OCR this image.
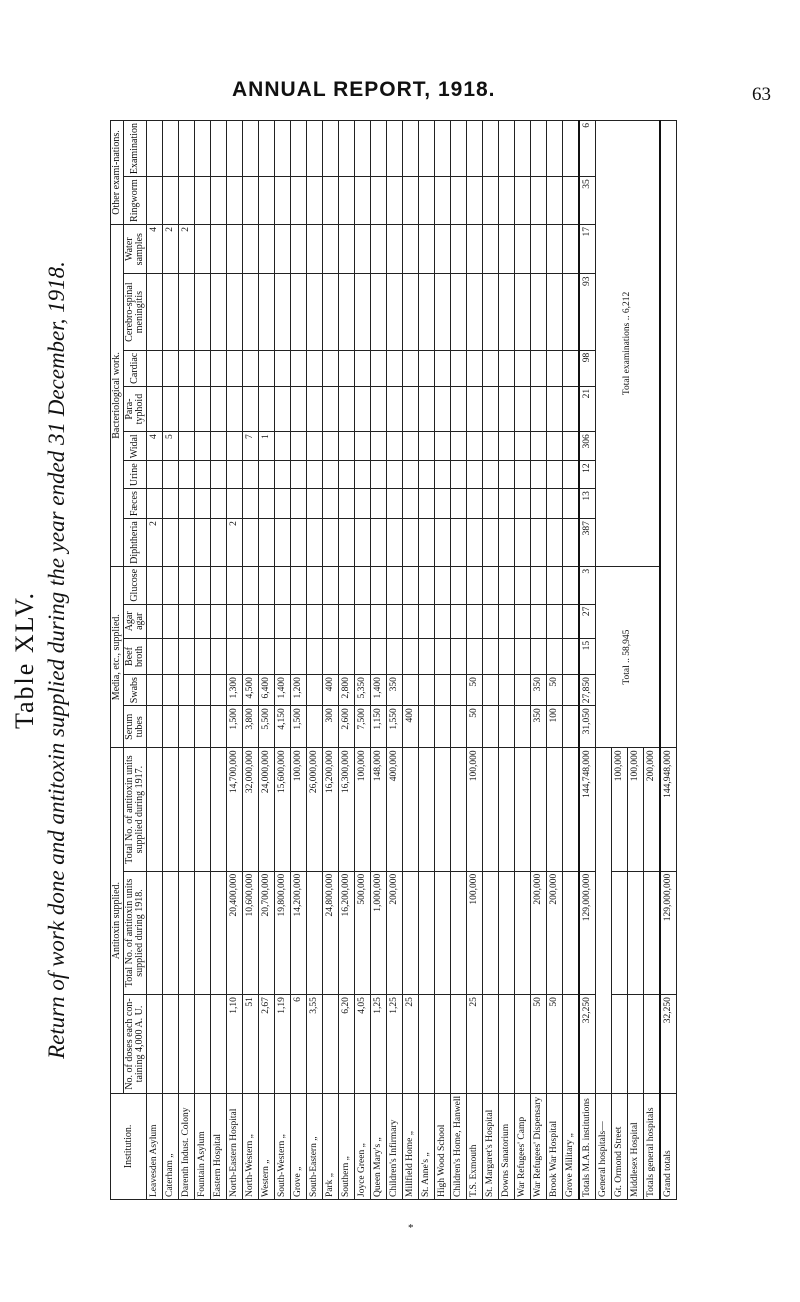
ANNUAL REPORT, 1918.	63
Table XLV. Return of work done and antitoxin supplied during the year ended 31 December, 1918.
Institution.	Antitoxin supplied.			Media, etc., supplied.					Bacteriological work.								Other exami-nations.	
	No. of doses each con-taining 4,000 A. U.	Total No. of antitoxin units supplied during 1918.	Total No. of antitoxin units supplied during 1917.	Serum tubes	Swabs	Beef broth	Agar agar	Glucose	Diphtheria	Fæces	Urine	Widal	Para-typhoid	Cardiac	Cerebro-spinal meningitis	Water samples	Ringworm	Examination
Leavesden Asylum									2			4				4		
Caterham „												5				2		
Darenth Indust. Colony																2		
Fountain Asylum																		
Eastern Hospital																		
North-Eastern Hospital	1,10	20,400,000	14,700,000	1,500	1,300				2									
North-Western „	51	10,600,000	32,000,000	3,800	4,500							7						
Western „	2,67	20,700,000	24,000,000	5,500	6,400							1						
South-Western „	1,19	19,800,000	15,600,000	4,150	1,400													
Grove „	6	14,200,000	100,000	1,500	1,200													
South-Eastern „	3,55		26,000,000															
Park „		24,800,000	16,200,000	300	400													
Southern „	6,20	16,200,000	16,300,000	2,600	2,800													
Joyce Green „	4,05	500,000	100,000	7,500	5,350													
Queen Mary's „	1,25	1,000,000	148,000	1,150	1,400													
Children's Infirmary	1,25	200,000	400,000	1,550	350													
Millfield Home „	25			400														
St. Anne's „																		
High Wood School																		
Children's Home, Hanwell																		
T.S. Exmouth	25	100,000	100,000	50	50													
St. Margaret's Hospital																		
Downs Sanatorium																		
War Refugees' Camp																		
War Refugees' Dispensary	50	200,000		350	350													
Brook War Hospital	50	200,000		100	50													
Grove Military „																		
Totals M.A.B. institutions	32,250	129,000,000	144,748,000	31,050	27,850	15	27	3	387	13	12	306	21	98	93	17	35	6
General hospitals—				Total .. 58,945					Total examinations .. 6,212									
Gt. Ormond Street			100,000															
Middlesex Hospital			100,000															
Totals general hospitals			200,000															
Grand totals	32,250	129,000,000	144,948,000															
*
